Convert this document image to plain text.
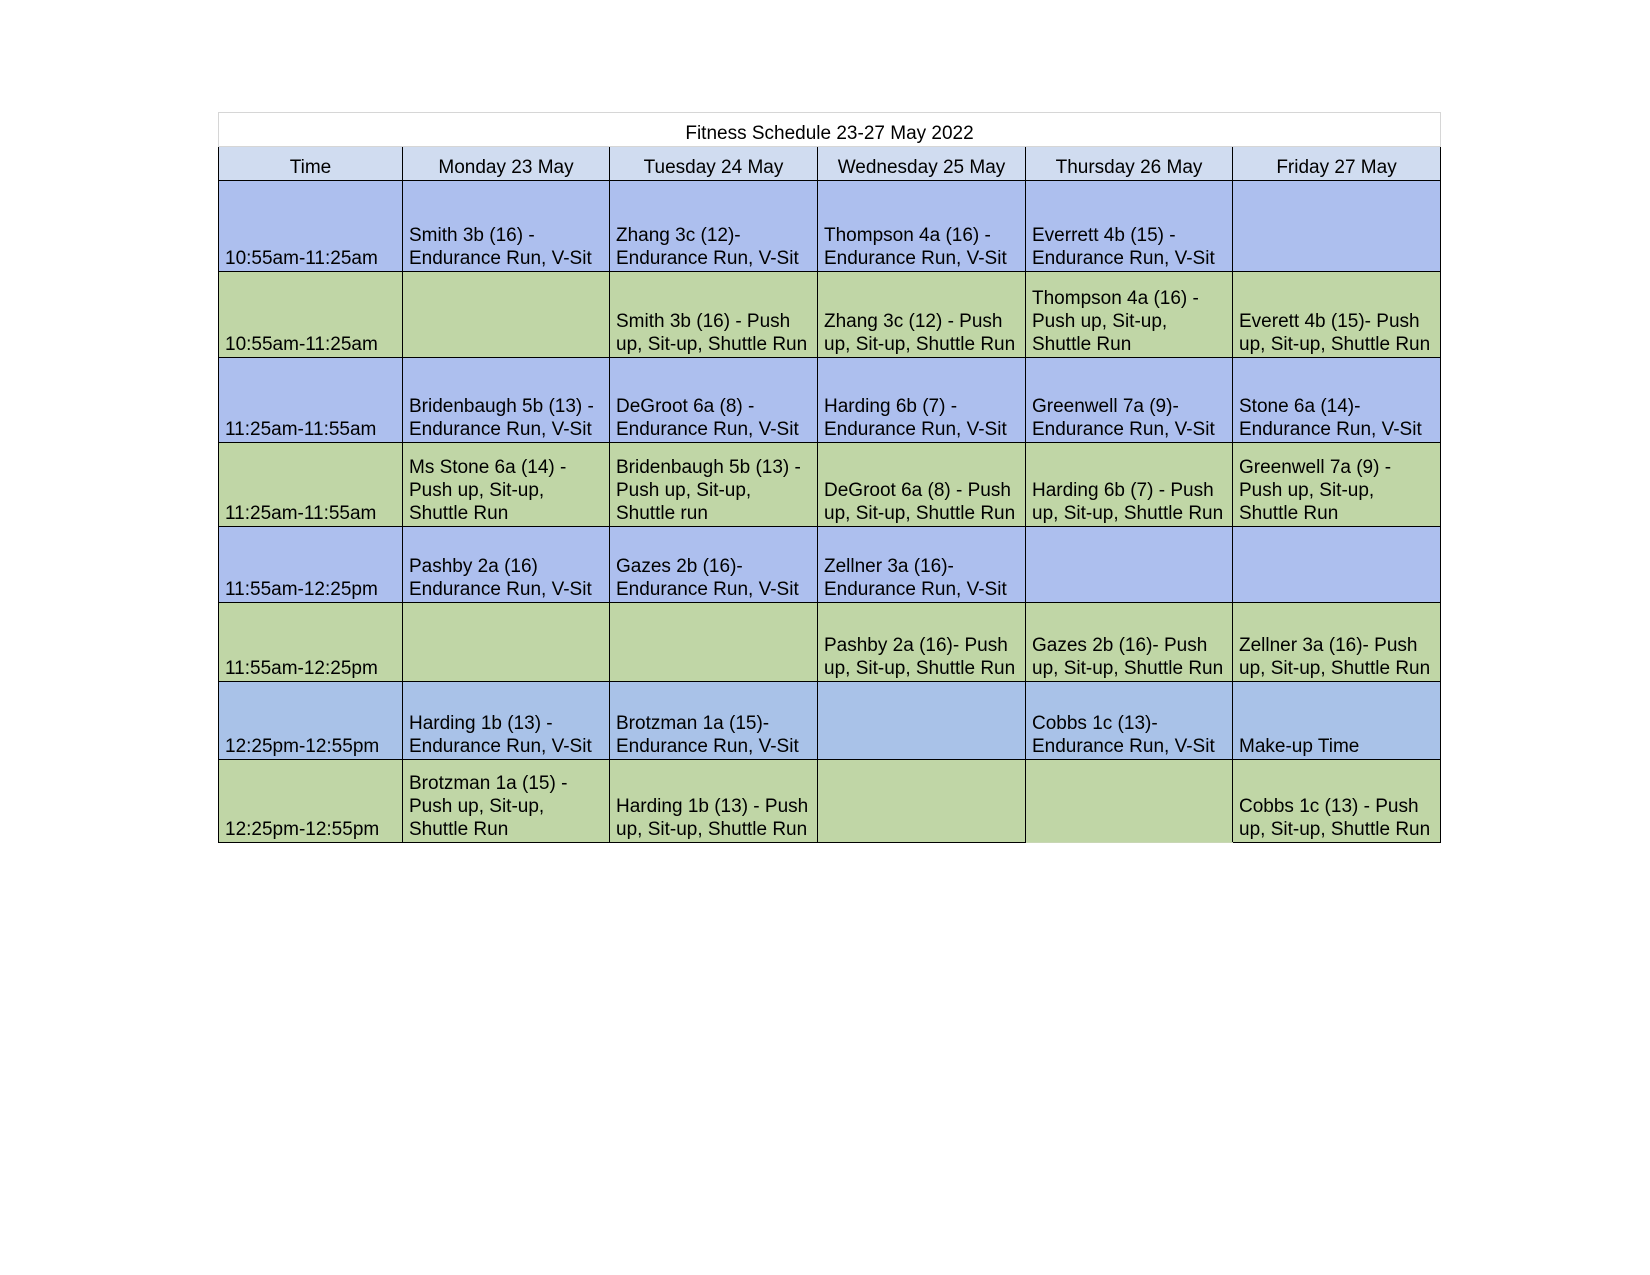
Fitness Schedule 23-27 May 2022					
Time	Monday 23 May	Tuesday 24 May	Wednesday 25 May	Thursday 26 May	Friday 27 May
10:55am-11:25am	Smith 3b (16) - Endurance Run, V-Sit	Zhang 3c (12)- Endurance Run, V-Sit	Thompson 4a (16) - Endurance Run, V-Sit	Everrett 4b (15) - Endurance Run, V-Sit	
10:55am-11:25am		Smith 3b (16) - Push up, Sit-up, Shuttle Run	Zhang 3c (12) - Push up, Sit-up, Shuttle Run	Thompson 4a (16) - Push up, Sit-up, Shuttle Run	Everett 4b (15)- Push up, Sit-up, Shuttle Run
11:25am-11:55am	Bridenbaugh 5b (13) - Endurance Run, V-Sit	DeGroot 6a (8) - Endurance Run, V-Sit	Harding 6b (7) - Endurance Run, V-Sit	Greenwell 7a (9)- Endurance Run, V-Sit	Stone 6a (14)- Endurance Run, V-Sit
11:25am-11:55am	Ms Stone 6a (14) - Push up, Sit-up, Shuttle Run	Bridenbaugh 5b (13) - Push up, Sit-up, Shuttle run	DeGroot 6a (8) - Push up, Sit-up, Shuttle Run	Harding 6b (7) - Push up, Sit-up, Shuttle Run	Greenwell 7a (9) - Push up, Sit-up, Shuttle Run
11:55am-12:25pm	Pashby 2a (16) Endurance Run, V-Sit	Gazes 2b (16)- Endurance Run, V-Sit	Zellner 3a (16)- Endurance Run, V-Sit		
11:55am-12:25pm			Pashby 2a (16)- Push up, Sit-up, Shuttle Run	Gazes 2b (16)- Push up, Sit-up, Shuttle Run	Zellner 3a (16)- Push up, Sit-up, Shuttle Run
12:25pm-12:55pm	Harding 1b (13) - Endurance Run, V-Sit	Brotzman 1a (15)- Endurance Run, V-Sit		Cobbs 1c (13)- Endurance Run, V-Sit	Make-up Time
12:25pm-12:55pm	Brotzman 1a (15) - Push up, Sit-up, Shuttle Run	Harding 1b (13) - Push up, Sit-up, Shuttle Run			Cobbs 1c (13) - Push up, Sit-up, Shuttle Run
